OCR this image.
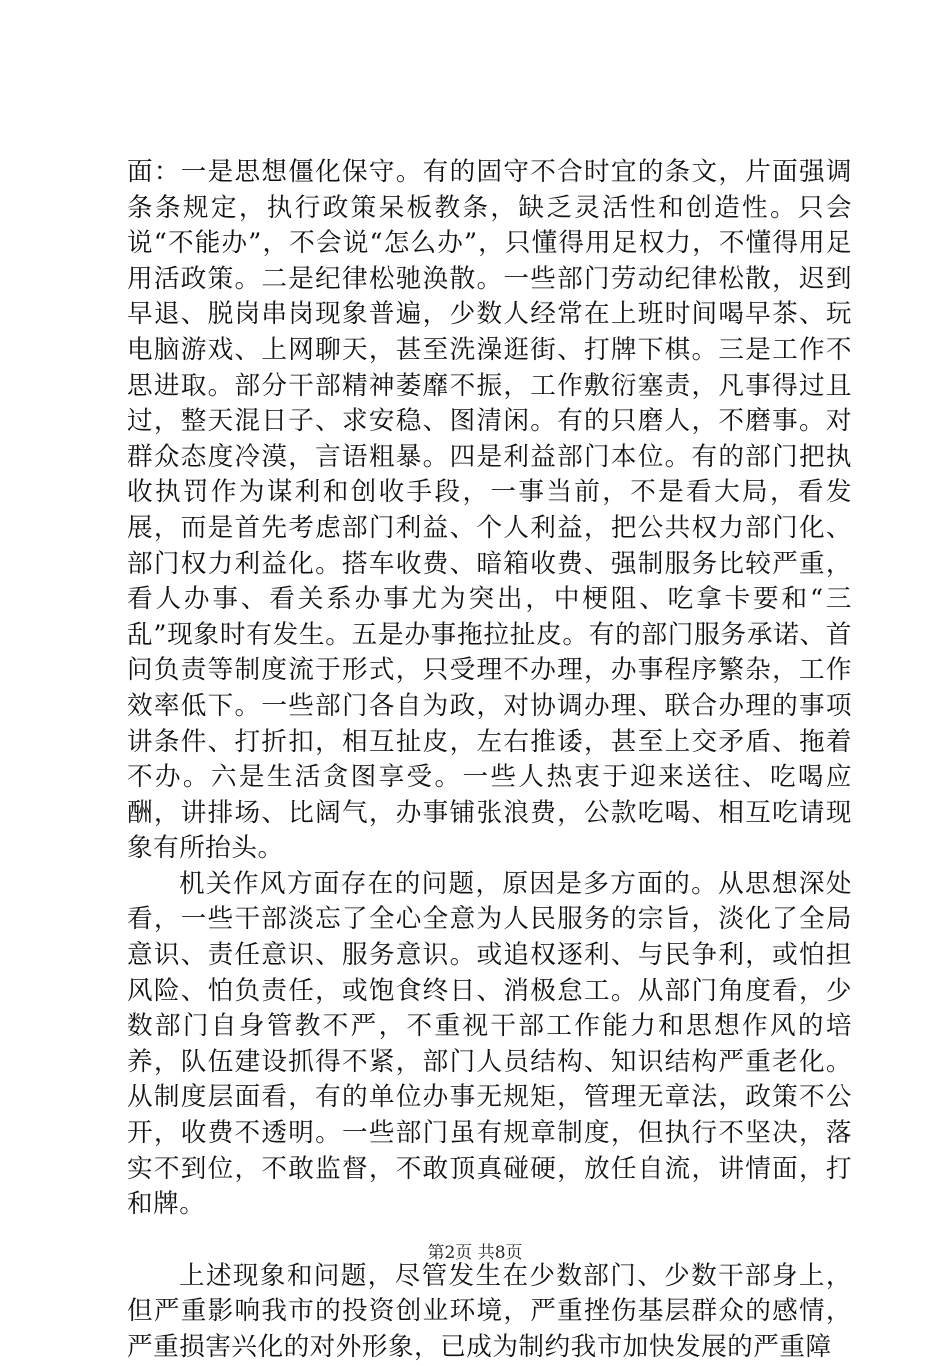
面：一是思想僵化保守。有的固守不合时宜的条文，片面强调条条规定，执行政策呆板教条，缺乏灵活性和创造性。只会说“不能办”，不会说“怎么办”，只懂得用足权力，不懂得用足用活政策。二是纪律松驰涣散。一些部门劳动纪律松散，迟到早退、脱岗串岗现象普遍，少数人经常在上班时间喝早茶、玩电脑游戏、上网聊天，甚至洗澡逛街、打牌下棋。三是工作不思进取。部分干部精神萎靡不振，工作敷衍塞责，凡事得过且过，整天混日子、求安稳、图清闲。有的只磨人，不磨事。对群众态度冷漠，言语粗暴。四是利益部门本位。有的部门把执收执罚作为谋利和创收手段，一事当前，不是看大局，看发展，而是首先考虑部门利益、个人利益，把公共权力部门化、部门权力利益化。搭车收费、暗箱收费、强制服务比较严重，看人办事、看关系办事尤为突出，中梗阻、吃拿卡要和“三乱”现象时有发生。五是办事拖拉扯皮。有的部门服务承诺、首问负责等制度流于形式，只受理不办理，办事程序繁杂，工作效率低下。一些部门各自为政，对协调办理、联合办理的事项讲条件、打折扣，相互扯皮，左右推诿，甚至上交矛盾、拖着不办。六是生活贪图享受。一些人热衷于迎来送往、吃喝应酬，讲排场、比阔气，办事铺张浪费，公款吃喝、相互吃请现象有所抬头。

机关作风方面存在的问题，原因是多方面的。从思想深处看，一些干部淡忘了全心全意为人民服务的宗旨，淡化了全局意识、责任意识、服务意识。或追权逐利、与民争利，或怕担风险、怕负责任，或饱食终日、消极怠工。从部门角度看，少数部门自身管教不严，不重视干部工作能力和思想作风的培养，队伍建设抓得不紧，部门人员结构、知识结构严重老化。从制度层面看，有的单位办事无规矩，管理无章法，政策不公开，收费不透明。一些部门虽有规章制度，但执行不坚决，落实不到位，不敢监督，不敢顶真碰硬，放任自流，讲情面，打和牌。

上述现象和问题，尽管发生在少数部门、少数干部身上，但严重影响我市的投资创业环境，严重挫伤基层群众的感情，严重损害兴化的对外形象，已成为制约我市加快发展的严重障

第2页 共8页
